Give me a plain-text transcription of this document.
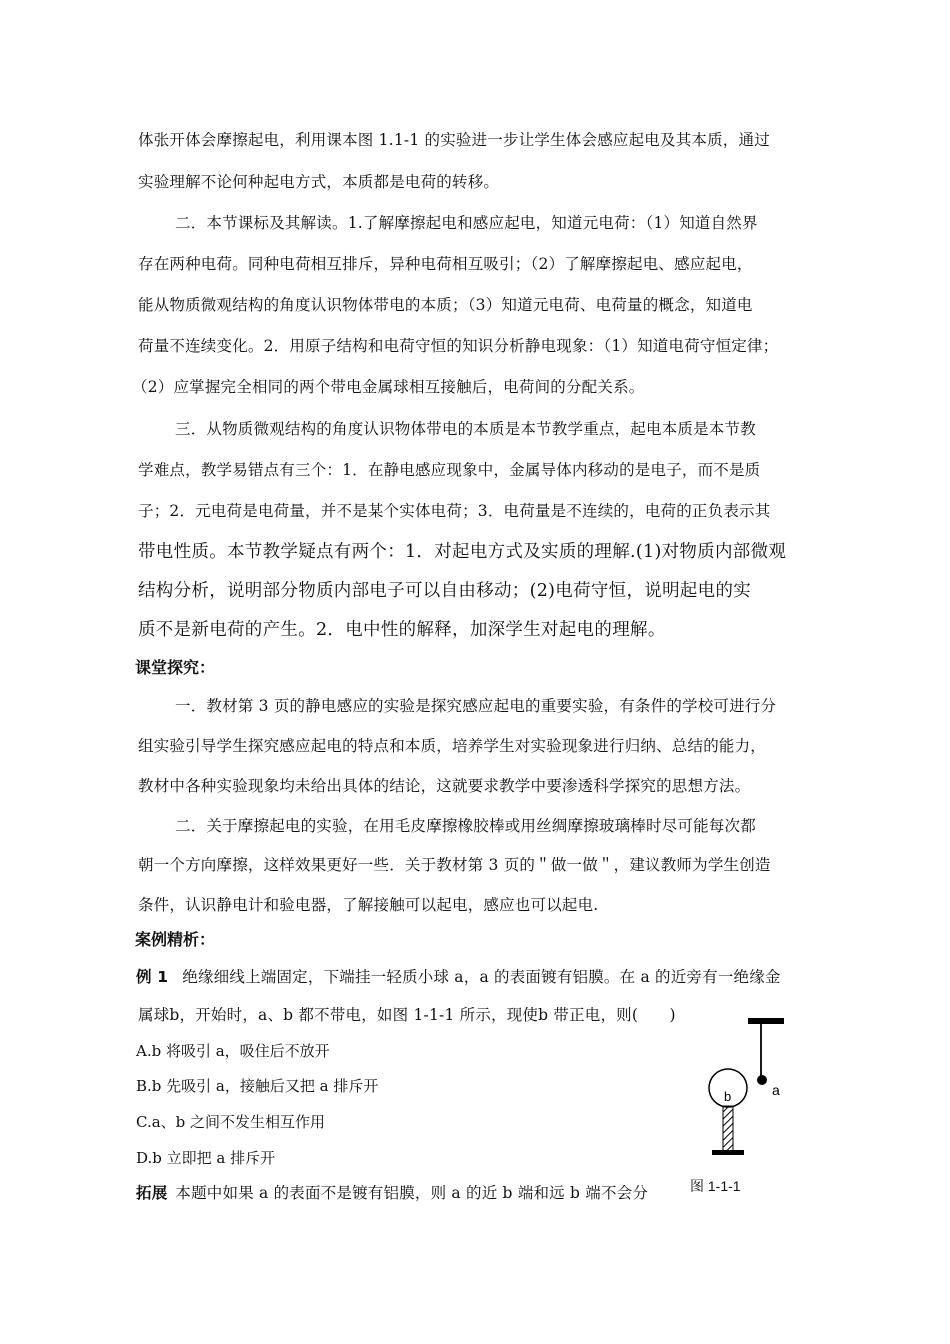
体张开体会摩擦起电，利用课本图 1.1-1 的实验进一步让学生体会感应起电及其本质，通过
实验理解不论何种起电方式，本质都是电荷的转移。
二．本节课标及其解读。1.了解摩擦起电和感应起电，知道元电荷：（1）知道自然界
存在两种电荷。同种电荷相互排斥，异种电荷相互吸引；（2）了解摩擦起电、感应起电，
能从物质微观结构的角度认识物体带电的本质；（3）知道元电荷、电荷量的概念，知道电
荷量不连续变化。2．用原子结构和电荷守恒的知识分析静电现象：（1）知道电荷守恒定律；
（2）应掌握完全相同的两个带电金属球相互接触后，电荷间的分配关系。
三．从物质微观结构的角度认识物体带电的本质是本节教学重点，起电本质是本节教
学难点，教学易错点有三个：1．在静电感应现象中，金属导体内移动的是电子，而不是质
子；2．元电荷是电荷量，并不是某个实体电荷；3．电荷量是不连续的，电荷的正负表示其
带电性质。本节教学疑点有两个：1．对起电方式及实质的理解.(1)对物质内部微观
结构分析，说明部分物质内部电子可以自由移动；(2)电荷守恒，说明起电的实
质不是新电荷的产生。2．电中性的解释，加深学生对起电的理解。
课堂探究：
一．教材第 3 页的静电感应的实验是探究感应起电的重要实验，有条件的学校可进行分
组实验引导学生探究感应起电的特点和本质，培养学生对实验现象进行归纳、总结的能力，
教材中各种实验现象均未给出具体的结论，这就要求教学中要渗透科学探究的思想方法。
二．关于摩擦起电的实验，在用毛皮摩擦橡胶棒或用丝绸摩擦玻璃棒时尽可能每次都
朝一个方向摩擦，这样效果更好一些．关于教材第 3 页的＂做一做＂，建议教师为学生创造
条件，认识静电计和验电器，了解接触可以起电，感应也可以起电.
案例精析：
例 1 绝缘细线上端固定，下端挂一轻质小球 a，a 的表面镀有铝膜。在 a 的近旁有一绝缘金
属球b，开始时，a、b 都不带电，如图 1-1-1 所示，现使b 带正电，则(　　)
A.b 将吸引 a，吸住后不放开
B.b 先吸引 a，接触后又把 a 排斥开
C.a、b 之间不发生相互作用
D.b 立即把 a 排斥开
拓展 本题中如果 a 的表面不是镀有铝膜，则 a 的近 b 端和远 b 端不会分
b	a
图 1-1-1
